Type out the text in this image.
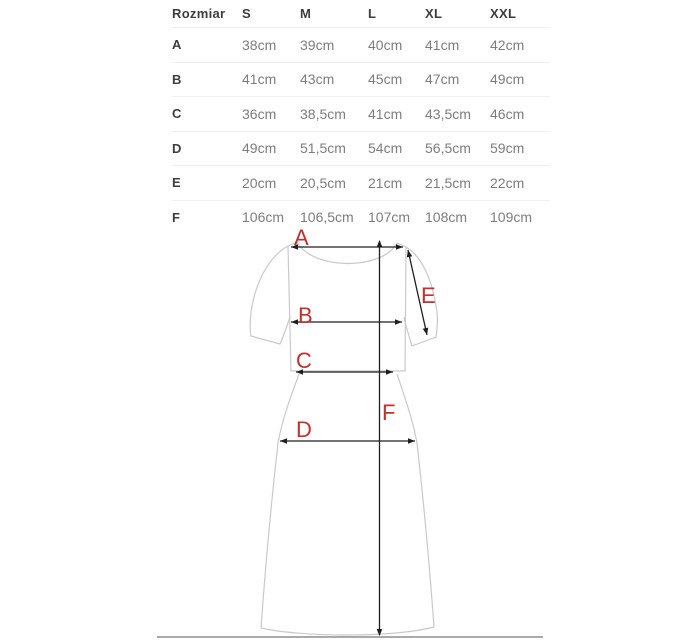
Rozmiar	S	M	L	XL	XXL
A	38cm	39cm	40cm	41cm	42cm
B	41cm	43cm	45cm	47cm	49cm
C	36cm	38,5cm	41cm	43,5cm	46cm
D	49cm	51,5cm	54cm	56,5cm	59cm
E	20cm	20,5cm	21cm	21,5cm	22cm
F	106cm	106,5cm	107cm	108cm	109cm
A
B
C
D
E
F
